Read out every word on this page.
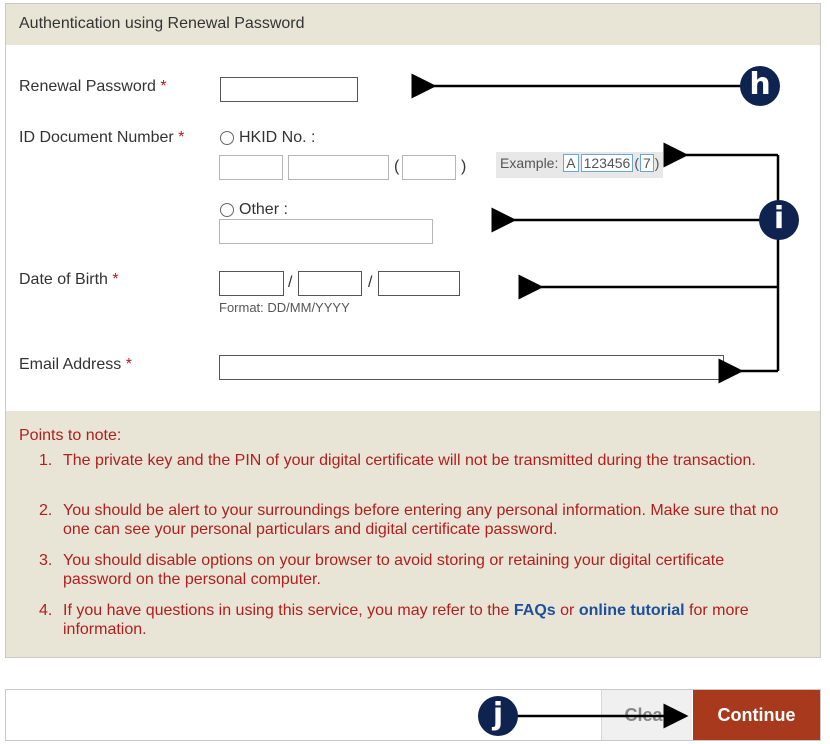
Authentication using Renewal Password
Renewal Password *
ID Document Number *	HKID No. :
(	) Example: A 123456 ( 7 )
Other :
Date of Birth *	/	/
Format: DD/MM/YYYY
Email Address *
Points to note:
1. The private key and the PIN of your digital certificate will not be transmitted during the transaction.
2. You should be alert to your surroundings before entering any personal information. Make sure that no one can see your personal particulars and digital certificate password.
3. You should disable options on your browser to avoid storing or retaining your digital certificate password on the personal computer.
4. If you have questions in using this service, you may refer to the FAQs or online tutorial for more information.
Clear	Continue
h
i
j
